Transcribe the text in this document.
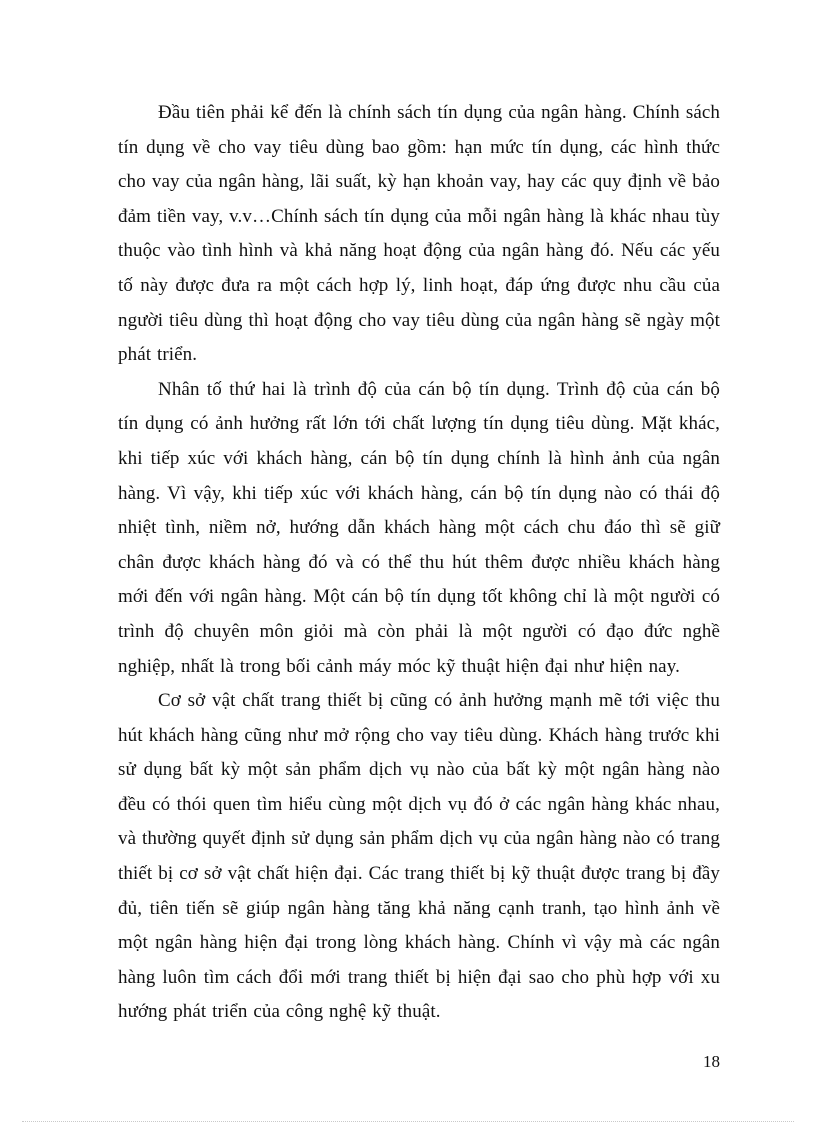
Đầu tiên phải kể đến là chính sách tín dụng của ngân hàng. Chính sách tín dụng về cho vay tiêu dùng bao gồm: hạn mức tín dụng, các hình thức cho vay của ngân hàng, lãi suất, kỳ hạn khoản vay, hay các quy định về bảo đảm tiền vay, v.v…Chính sách tín dụng của mỗi ngân hàng là khác nhau tùy thuộc vào tình hình và khả năng hoạt động của ngân hàng đó. Nếu các yếu tố này được đưa ra một cách hợp lý, linh hoạt, đáp ứng được nhu cầu của người tiêu dùng thì hoạt động cho vay tiêu dùng của ngân hàng sẽ ngày một phát triển.

Nhân tố thứ hai là trình độ của cán bộ tín dụng. Trình độ của cán bộ tín dụng có ảnh hưởng rất lớn tới chất lượng tín dụng tiêu dùng. Mặt khác, khi tiếp xúc với khách hàng, cán bộ tín dụng chính là hình ảnh của ngân hàng. Vì vậy, khi tiếp xúc với khách hàng, cán bộ tín dụng nào có thái độ nhiệt tình, niềm nở, hướng dẫn khách hàng một cách chu đáo thì sẽ giữ chân được khách hàng đó và có thể thu hút thêm được nhiều khách hàng mới đến với ngân hàng. Một cán bộ tín dụng tốt không chỉ là một người có trình độ chuyên môn giỏi mà còn phải là một người có đạo đức nghề nghiệp, nhất là trong bối cảnh máy móc kỹ thuật hiện đại như hiện nay.

Cơ sở vật chất trang thiết bị cũng có ảnh hưởng mạnh mẽ tới việc thu hút khách hàng cũng như mở rộng cho vay tiêu dùng. Khách hàng trước khi sử dụng bất kỳ một sản phẩm dịch vụ nào của bất kỳ một ngân hàng nào đều có thói quen tìm hiểu cùng một dịch vụ đó ở các ngân hàng khác nhau, và thường quyết định sử dụng sản phẩm dịch vụ của ngân hàng nào có trang thiết bị cơ sở vật chất hiện đại. Các trang thiết bị kỹ thuật được trang bị đầy đủ, tiên tiến sẽ giúp ngân hàng tăng khả năng cạnh tranh, tạo hình ảnh về một ngân hàng hiện đại trong lòng khách hàng. Chính vì vậy mà các ngân hàng luôn tìm cách đổi mới trang thiết bị hiện đại sao cho phù hợp với xu hướng phát triển của công nghệ kỹ thuật.

18
